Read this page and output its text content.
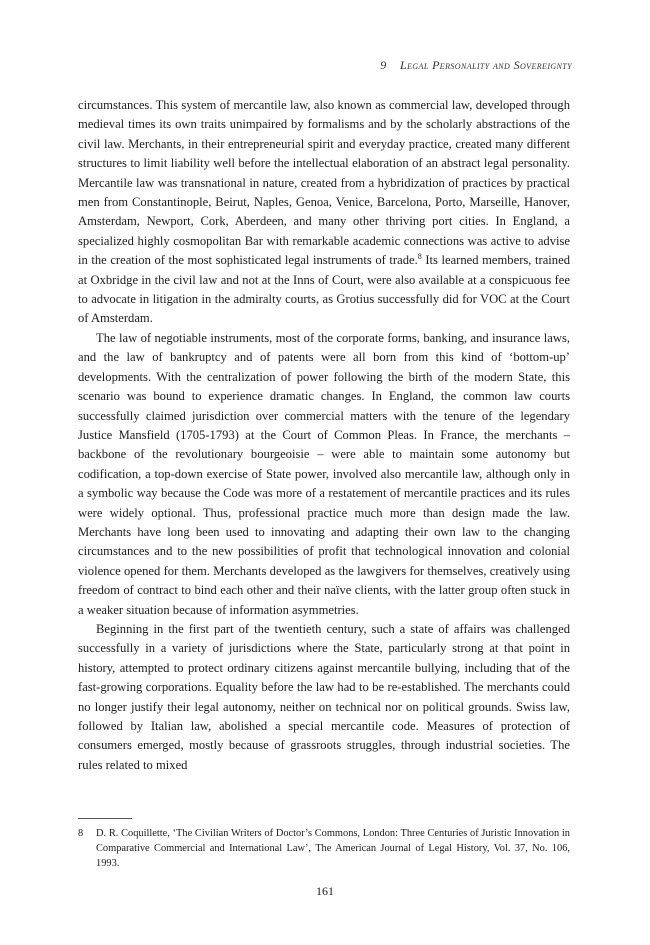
9 Legal Personality and Sovereignty

circumstances. This system of mercantile law, also known as commercial law, developed through medieval times its own traits unimpaired by formalisms and by the scholarly abstractions of the civil law. Merchants, in their entrepreneurial spirit and everyday practice, created many different structures to limit liability well before the intellectual elaboration of an abstract legal personality. Mercantile law was transnational in nature, created from a hybridization of practices by practical men from Constantinople, Beirut, Naples, Genoa, Venice, Barcelona, Porto, Marseille, Hanover, Amsterdam, Newport, Cork, Aberdeen, and many other thriving port cities. In England, a specialized highly cosmopolitan Bar with remarkable academic connections was active to advise in the creation of the most sophisticated legal instruments of trade.$^8$ Its learned members, trained at Oxbridge in the civil law and not at the Inns of Court, were also available at a conspicuous fee to advocate in litigation in the admiralty courts, as Grotius successfully did for VOC at the Court of Amsterdam.

The law of negotiable instruments, most of the corporate forms, banking, and insurance laws, and the law of bankruptcy and of patents were all born from this kind of ‘bottom-up’ developments. With the centralization of power following the birth of the modern State, this scenario was bound to experience dramatic changes. In England, the common law courts successfully claimed jurisdiction over commercial matters with the tenure of the legendary Justice Mansfield (1705-1793) at the Court of Common Pleas. In France, the merchants – backbone of the revolutionary bourgeoisie – were able to maintain some autonomy but codification, a top-down exercise of State power, involved also mercantile law, although only in a symbolic way because the Code was more of a restatement of mercantile practices and its rules were widely optional. Thus, professional practice much more than design made the law. Merchants have long been used to innovating and adapting their own law to the changing circumstances and to the new possibilities of profit that technological innovation and colonial violence opened for them. Merchants developed as the lawgivers for themselves, creatively using freedom of contract to bind each other and their naïve clients, with the latter group often stuck in a weaker situation because of information asymmetries.

Beginning in the first part of the twentieth century, such a state of affairs was challenged successfully in a variety of jurisdictions where the State, particularly strong at that point in history, attempted to protect ordinary citizens against mercantile bullying, including that of the fast-growing corporations. Equality before the law had to be re-established. The merchants could no longer justify their legal autonomy, neither on technical nor on political grounds. Swiss law, followed by Italian law, abolished a special mercantile code. Measures of protection of consumers emerged, mostly because of grassroots struggles, through industrial societies. The rules related to mixed

8 D. R. Coquillette, ‘The Civilian Writers of Doctor’s Commons, London: Three Centuries of Juristic Innovation in Comparative Commercial and International Law’, The American Journal of Legal History, Vol. 37, No. 106, 1993.
161
